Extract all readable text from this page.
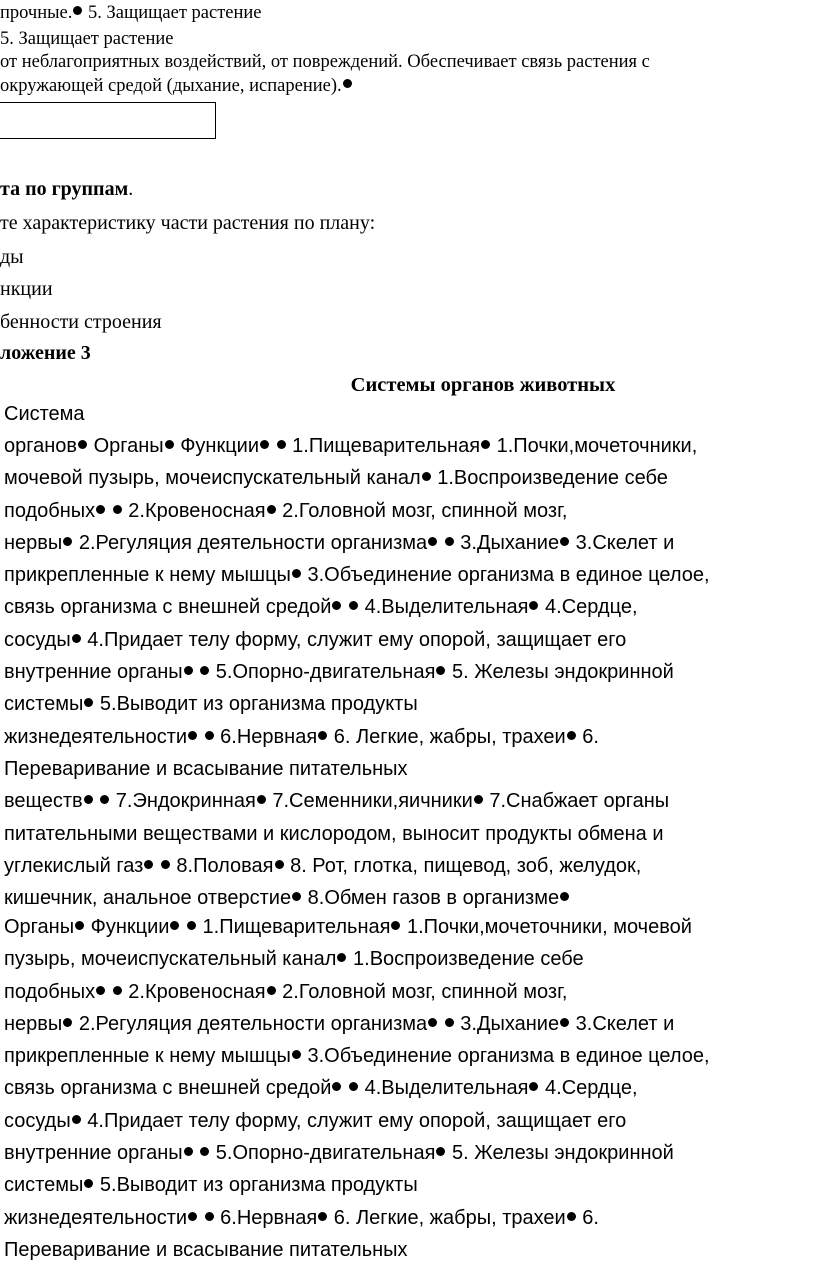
прочные. 5. Защищает растение
5. Защищает растение
от неблагоприятных воздействий, от повреждений. Обеспечивает связь растения с
окружающей средой (дыхание, испарение).
та по группам.
те характеристику части растения по плану:
ды
нкции
бенности строения
ложение 3
Системы органов животных
Система
органов Органы Функции  1.Пищеварительная 1.Почки,мочеточники,
мочевой пузырь, мочеиспускательный канал 1.Воспроизведение себе
подобных  2.Кровеносная 2.Головной мозг, спинной мозг,
нервы 2.Регуляция деятельности организма  3.Дыхание 3.Скелет и
прикрепленные к нему мышцы 3.Объединение организма в единое целое,
связь организма с внешней средой  4.Выделительная 4.Сердце,
сосуды 4.Придает телу форму, служит ему опорой, защищает его
внутренние органы  5.Опорно-двигательная 5. Железы эндокринной
системы 5.Выводит из организма продукты
жизнедеятельности  6.Нервная 6. Легкие, жабры, трахеи 6.
Переваривание и всасывание питательных
веществ  7.Эндокринная 7.Семенники,яичники 7.Снабжает органы
питательными веществами и кислородом, выносит продукты обмена и
углекислый газ  8.Половая 8. Рот, глотка, пищевод, зоб, желудок,
кишечник, анальное отверстие 8.Обмен газов в организме
Органы Функции  1.Пищеварительная 1.Почки,мочеточники, мочевой
пузырь, мочеиспускательный канал 1.Воспроизведение себе
подобных  2.Кровеносная 2.Головной мозг, спинной мозг,
нервы 2.Регуляция деятельности организма  3.Дыхание 3.Скелет и
прикрепленные к нему мышцы 3.Объединение организма в единое целое,
связь организма с внешней средой  4.Выделительная 4.Сердце,
сосуды 4.Придает телу форму, служит ему опорой, защищает его
внутренние органы  5.Опорно-двигательная 5. Железы эндокринной
системы 5.Выводит из организма продукты
жизнедеятельности  6.Нервная 6. Легкие, жабры, трахеи 6.
Переваривание и всасывание питательных
